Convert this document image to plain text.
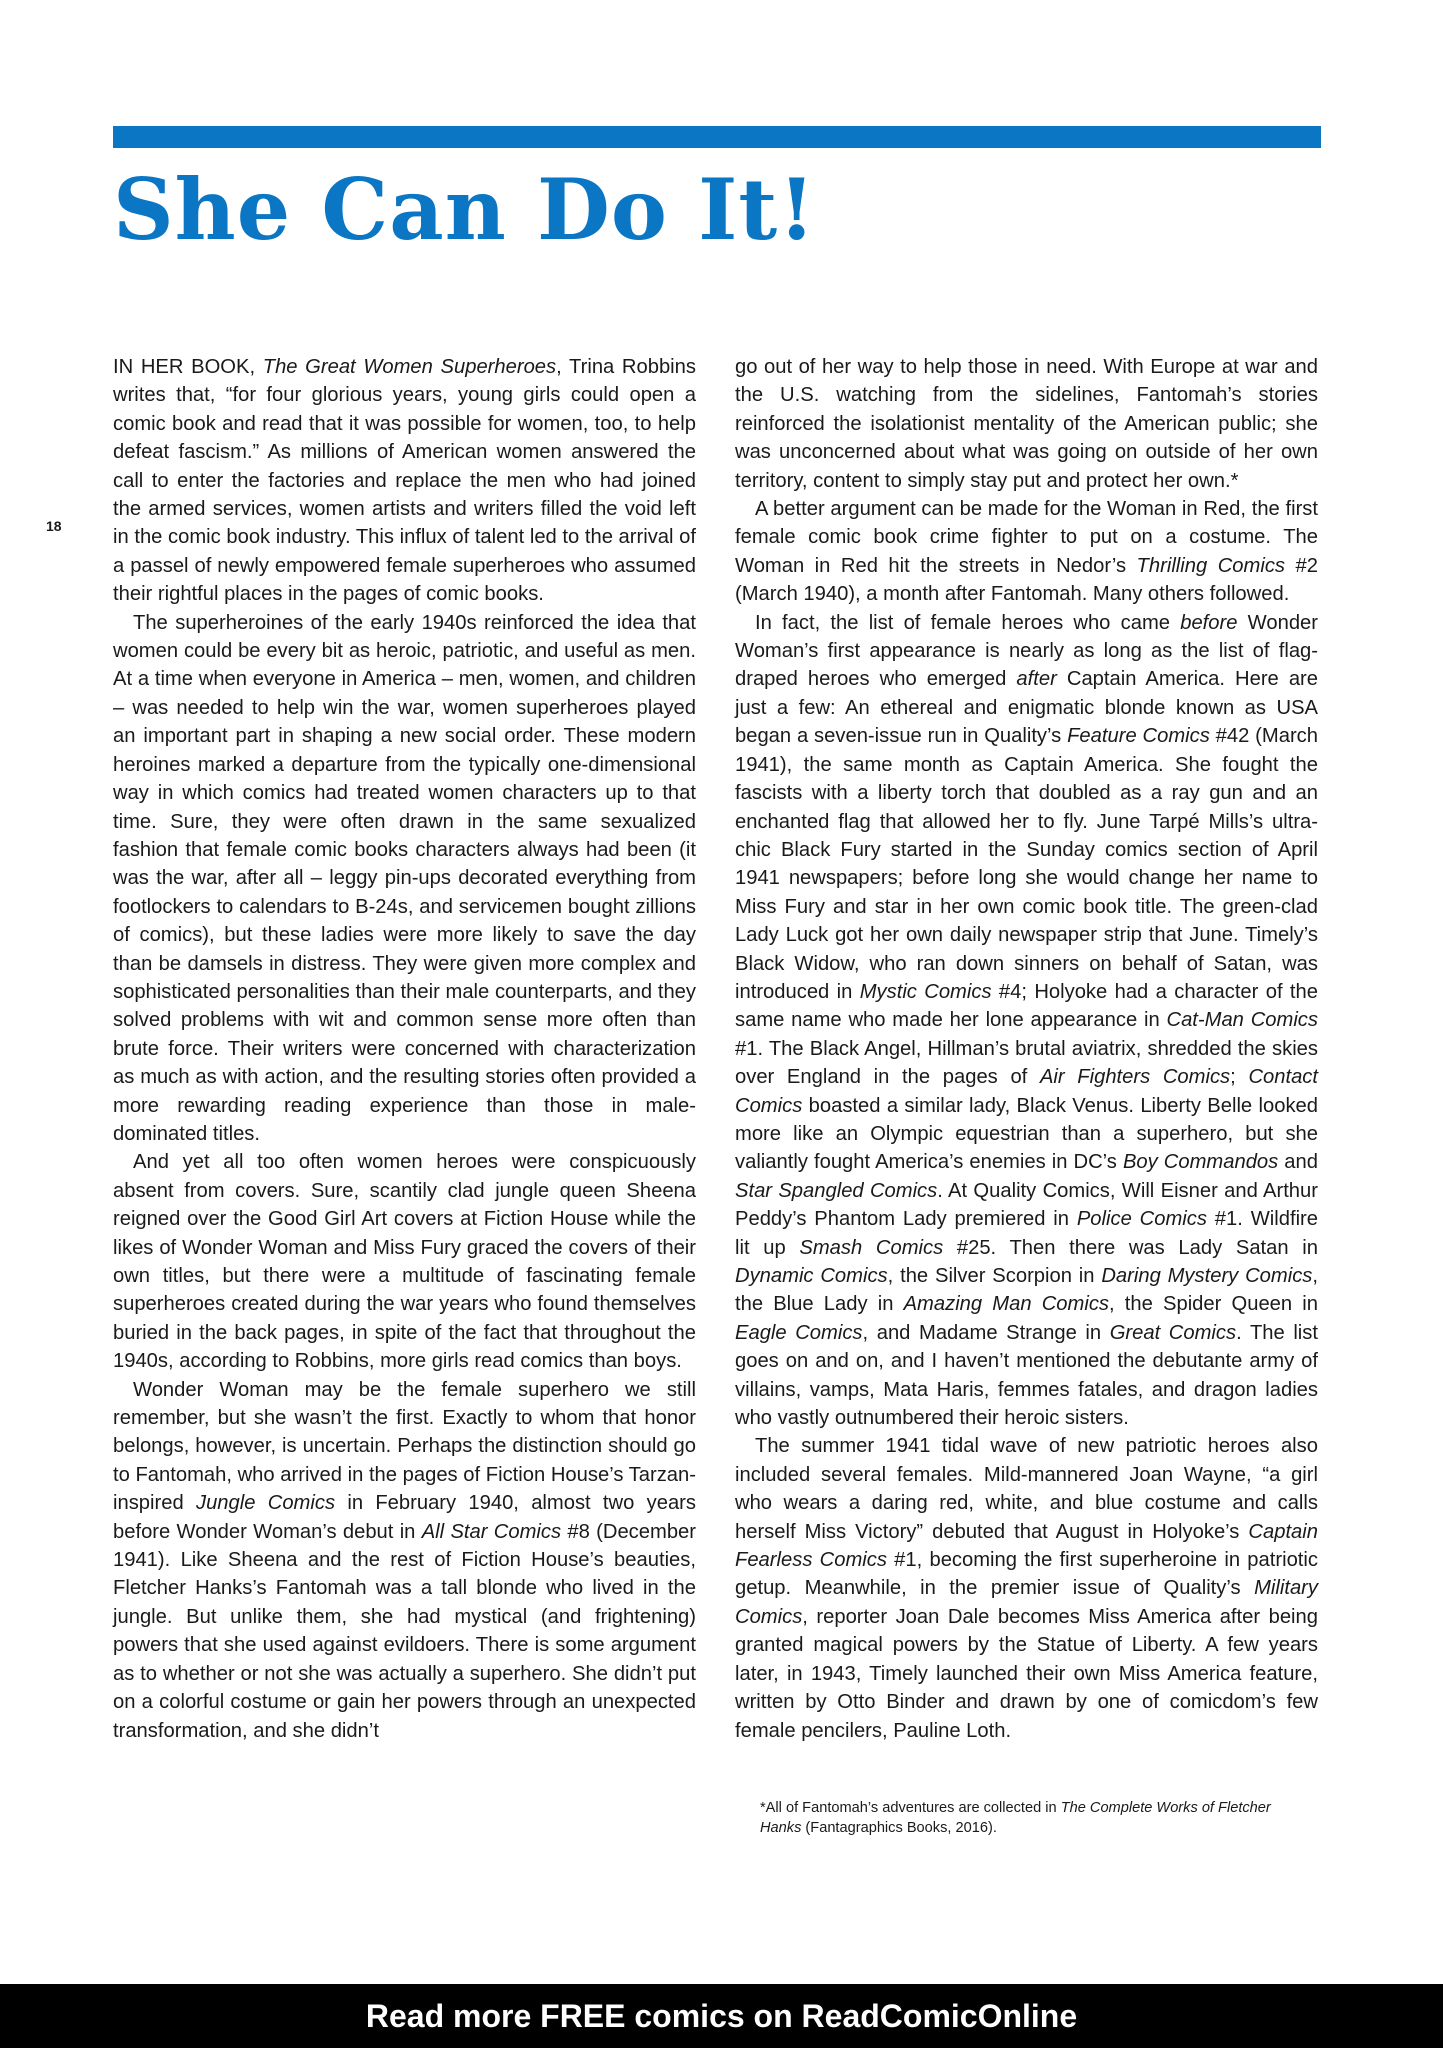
She Can Do It!
18

IN HER BOOK, The Great Women Superheroes, Trina Robbins writes that, “for four glorious years, young girls could open a comic book and read that it was possible for women, too, to help defeat fascism.” As millions of American women answered the call to enter the factories and replace the men who had joined the armed services, women artists and writers filled the void left in the comic book industry. This influx of talent led to the arrival of a passel of newly empowered female superheroes who assumed their rightful places in the pages of comic books.

The superheroines of the early 1940s reinforced the idea that women could be every bit as heroic, patriotic, and useful as men. At a time when everyone in America – men, women, and children – was needed to help win the war, women superheroes played an important part in shaping a new social order. These modern heroines marked a departure from the typically one-dimensional way in which comics had treated women characters up to that time. Sure, they were often drawn in the same sexualized fashion that female comic books characters always had been (it was the war, after all – leggy pin-ups decorated everything from footlockers to calendars to B-24s, and servicemen bought zillions of comics), but these ladies were more likely to save the day than be damsels in distress. They were given more complex and sophisticated personalities than their male counterparts, and they solved problems with wit and common sense more often than brute force. Their writers were concerned with characterization as much as with action, and the resulting stories often provided a more rewarding reading experience than those in male-dominated titles.

And yet all too often women heroes were conspicuously absent from covers. Sure, scantily clad jungle queen Sheena reigned over the Good Girl Art covers at Fiction House while the likes of Wonder Woman and Miss Fury graced the covers of their own titles, but there were a multitude of fascinating female superheroes created during the war years who found themselves buried in the back pages, in spite of the fact that throughout the 1940s, according to Robbins, more girls read comics than boys.

Wonder Woman may be the female superhero we still remember, but she wasn’t the first. Exactly to whom that honor belongs, however, is uncertain. Perhaps the distinction should go to Fantomah, who arrived in the pages of Fiction House’s Tarzan-inspired Jungle Comics in February 1940, almost two years before Wonder Woman’s debut in All Star Comics #8 (December 1941). Like Sheena and the rest of Fiction House’s beauties, Fletcher Hanks’s Fantomah was a tall blonde who lived in the jungle. But unlike them, she had mystical (and frightening) powers that she used against evildoers. There is some argument as to whether or not she was actually a superhero. She didn’t put on a colorful costume or gain her powers through an unexpected transformation, and she didn’t

go out of her way to help those in need. With Europe at war and the U.S. watching from the sidelines, Fantomah’s stories reinforced the isolationist mentality of the American public; she was unconcerned about what was going on outside of her own territory, content to simply stay put and protect her own.*

A better argument can be made for the Woman in Red, the first female comic book crime fighter to put on a costume. The Woman in Red hit the streets in Nedor’s Thrilling Comics #2 (March 1940), a month after Fantomah. Many others followed.

In fact, the list of female heroes who came before Wonder Woman’s first appearance is nearly as long as the list of flag-draped heroes who emerged after Captain America. Here are just a few: An ethereal and enigmatic blonde known as USA began a seven-issue run in Quality’s Feature Comics #42 (March 1941), the same month as Captain America. She fought the fascists with a liberty torch that doubled as a ray gun and an enchanted flag that allowed her to fly. June Tarpé Mills’s ultra-chic Black Fury started in the Sunday comics section of April 1941 newspapers; before long she would change her name to Miss Fury and star in her own comic book title. The green-clad Lady Luck got her own daily newspaper strip that June. Timely’s Black Widow, who ran down sinners on behalf of Satan, was introduced in Mystic Comics #4; Holyoke had a character of the same name who made her lone appearance in Cat-Man Comics #1. The Black Angel, Hillman’s brutal aviatrix, shredded the skies over England in the pages of Air Fighters Comics; Contact Comics boasted a similar lady, Black Venus. Liberty Belle looked more like an Olympic equestrian than a superhero, but she valiantly fought America’s enemies in DC’s Boy Commandos and Star Spangled Comics. At Quality Comics, Will Eisner and Arthur Peddy’s Phantom Lady premiered in Police Comics #1. Wildfire lit up Smash Comics #25. Then there was Lady Satan in Dynamic Comics, the Silver Scorpion in Daring Mystery Comics, the Blue Lady in Amazing Man Comics, the Spider Queen in Eagle Comics, and Madame Strange in Great Comics. The list goes on and on, and I haven’t mentioned the debutante army of villains, vamps, Mata Haris, femmes fatales, and dragon ladies who vastly outnumbered their heroic sisters.

The summer 1941 tidal wave of new patriotic heroes also included several females. Mild-mannered Joan Wayne, “a girl who wears a daring red, white, and blue costume and calls herself Miss Victory” debuted that August in Holyoke’s Captain Fearless Comics #1, becoming the first superheroine in patriotic getup. Meanwhile, in the premier issue of Quality’s Military Comics, reporter Joan Dale becomes Miss America after being granted magical powers by the Statue of Liberty. A few years later, in 1943, Timely launched their own Miss America feature, written by Otto Binder and drawn by one of comicdom’s few female pencilers, Pauline Loth.

*All of Fantomah’s adventures are collected in The Complete Works of Fletcher Hanks (Fantagraphics Books, 2016).

Read more FREE comics on ReadComicOnline
